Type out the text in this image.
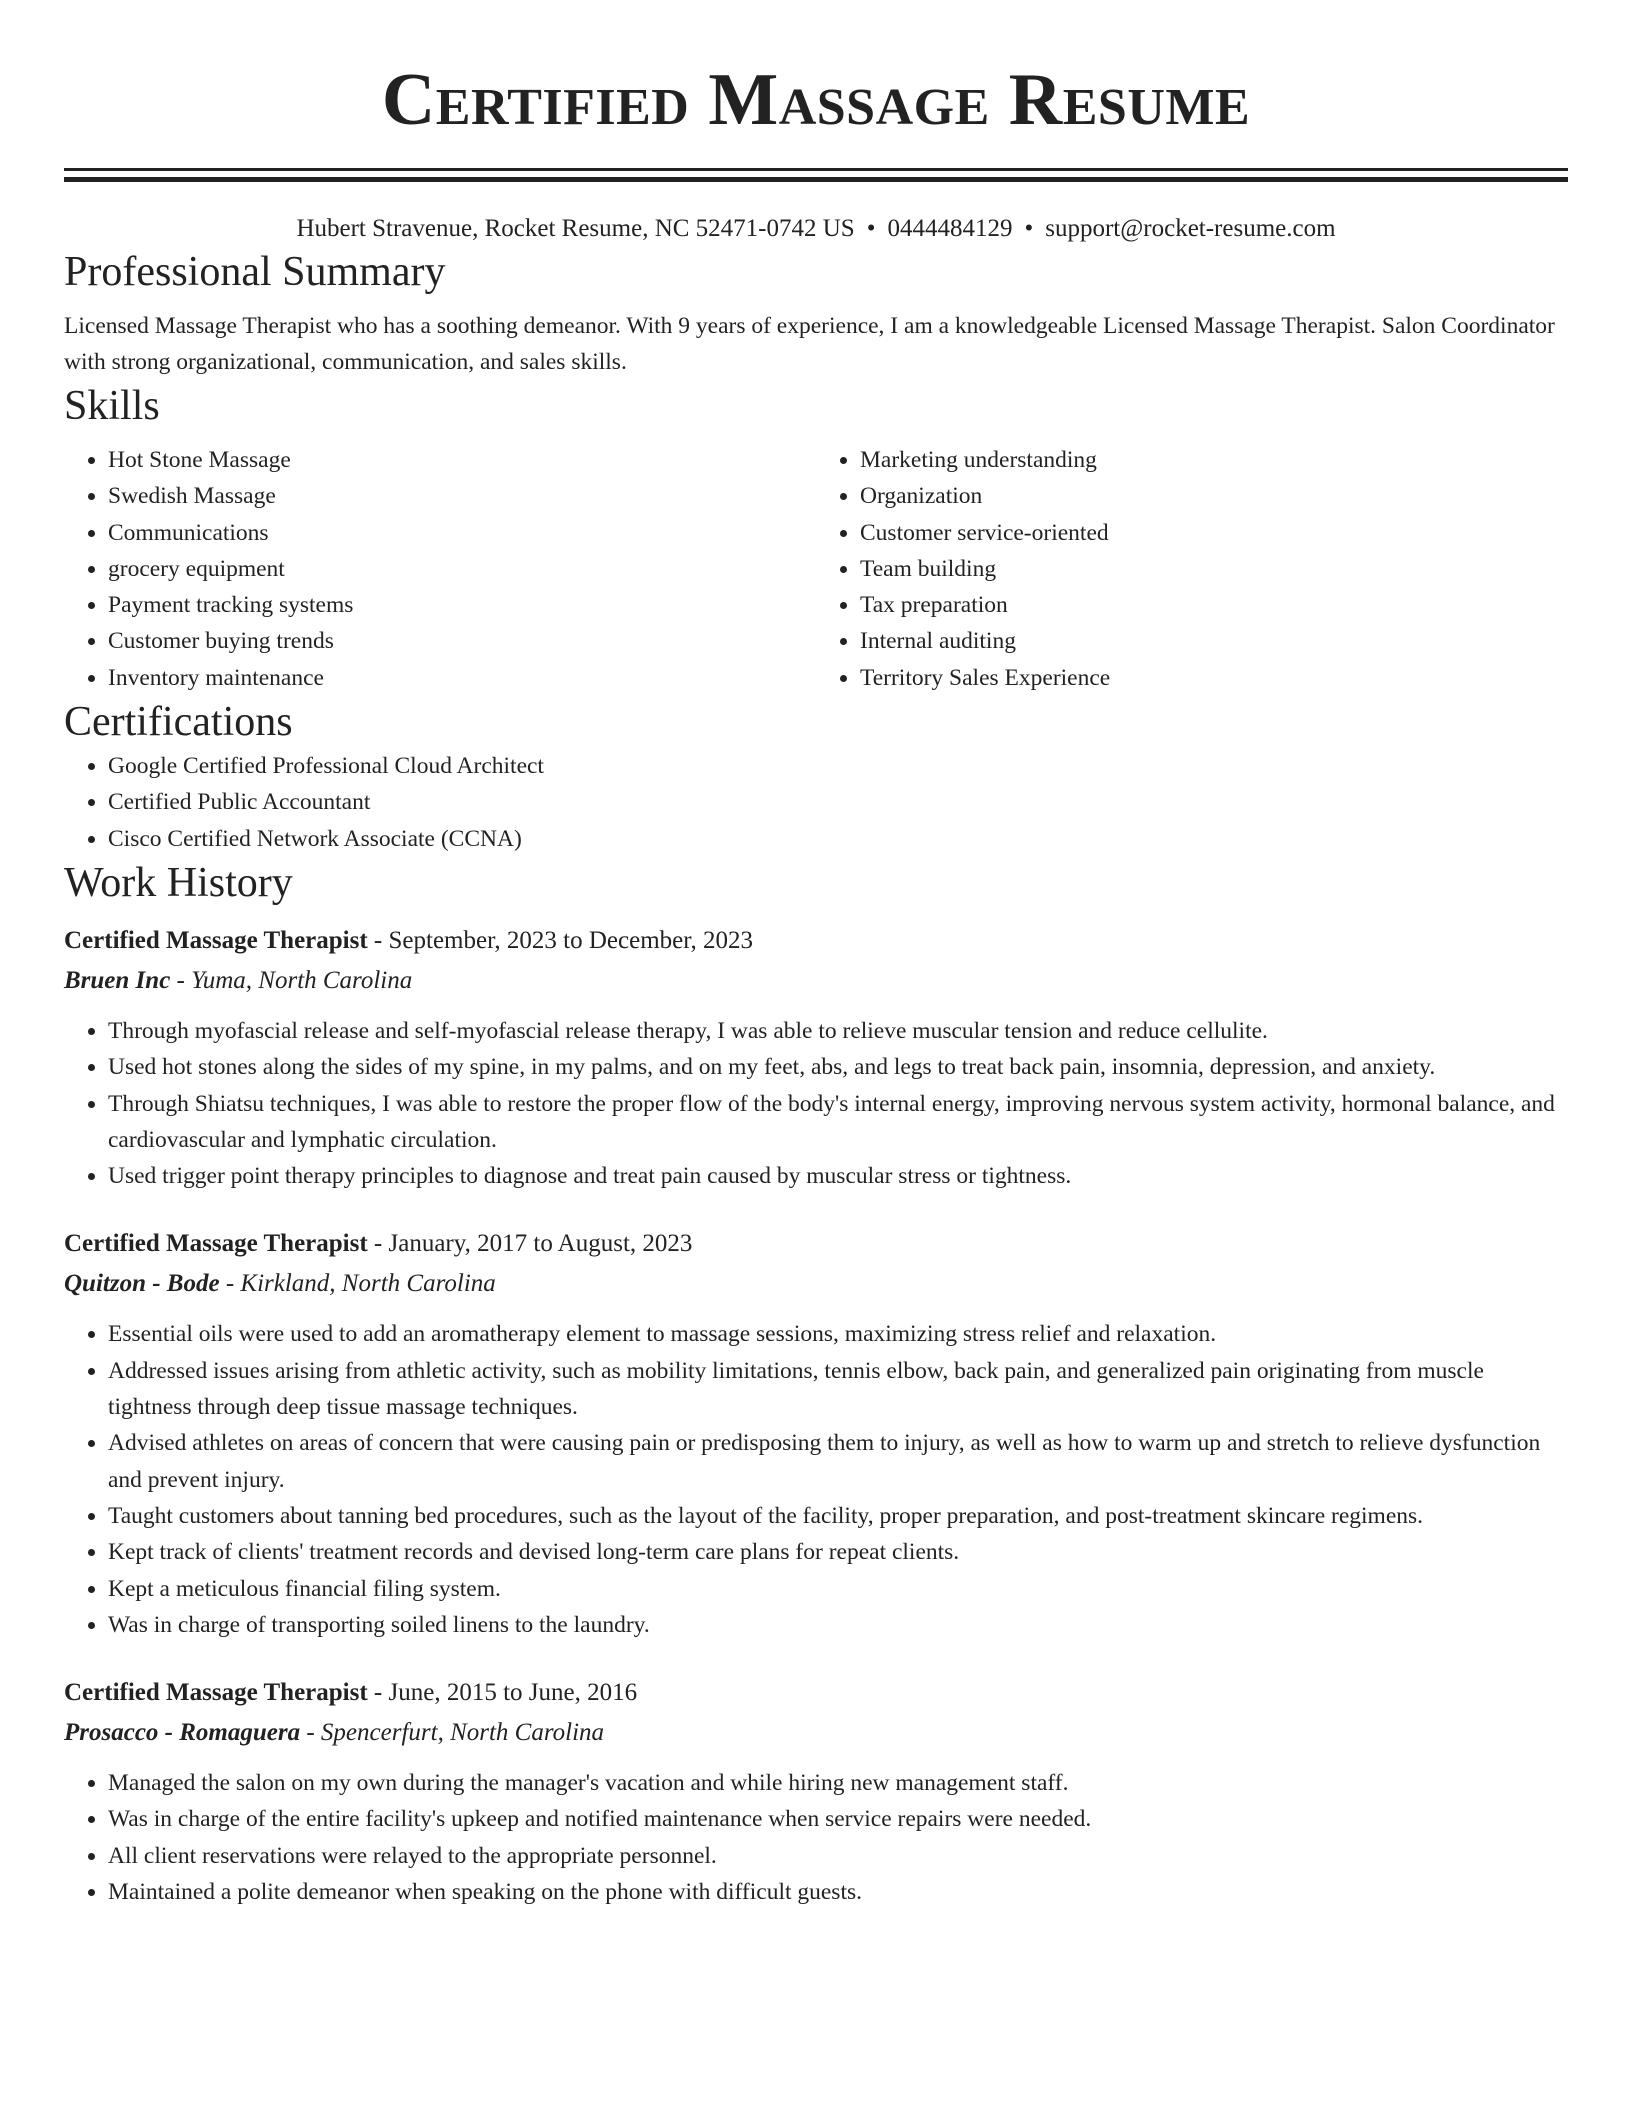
Certified Massage Resume
Hubert Stravenue, Rocket Resume, NC 52471-0742 US • 0444484129 • support@rocket-resume.com
Professional Summary

Licensed Massage Therapist who has a soothing demeanor. With 9 years of experience, I am a knowledgeable Licensed Massage Therapist. Salon Coordinator with strong organizational, communication, and sales skills.

Skills
• Hot Stone Massage
• Swedish Massage
• Communications
• grocery equipment
• Payment tracking systems
• Customer buying trends
• Inventory maintenance
• Marketing understanding
• Organization
• Customer service-oriented
• Team building
• Tax preparation
• Internal auditing
• Territory Sales Experience
Certifications
• Google Certified Professional Cloud Architect
• Certified Public Accountant
• Cisco Certified Network Associate (CCNA)
Work History
Certified Massage Therapist - September, 2023 to December, 2023
Bruen Inc - Yuma, North Carolina
• Through myofascial release and self-myofascial release therapy, I was able to relieve muscular tension and reduce cellulite.
• Used hot stones along the sides of my spine, in my palms, and on my feet, abs, and legs to treat back pain, insomnia, depression, and anxiety.
• Through Shiatsu techniques, I was able to restore the proper flow of the body's internal energy, improving nervous system activity, hormonal balance, and cardiovascular and lymphatic circulation.
• Used trigger point therapy principles to diagnose and treat pain caused by muscular stress or tightness.
Certified Massage Therapist - January, 2017 to August, 2023
Quitzon - Bode - Kirkland, North Carolina
• Essential oils were used to add an aromatherapy element to massage sessions, maximizing stress relief and relaxation.
• Addressed issues arising from athletic activity, such as mobility limitations, tennis elbow, back pain, and generalized pain originating from muscle tightness through deep tissue massage techniques.
• Advised athletes on areas of concern that were causing pain or predisposing them to injury, as well as how to warm up and stretch to relieve dysfunction and prevent injury.
• Taught customers about tanning bed procedures, such as the layout of the facility, proper preparation, and post-treatment skincare regimens.
• Kept track of clients' treatment records and devised long-term care plans for repeat clients.
• Kept a meticulous financial filing system.
• Was in charge of transporting soiled linens to the laundry.
Certified Massage Therapist - June, 2015 to June, 2016
Prosacco - Romaguera - Spencerfurt, North Carolina
• Managed the salon on my own during the manager's vacation and while hiring new management staff.
• Was in charge of the entire facility's upkeep and notified maintenance when service repairs were needed.
• All client reservations were relayed to the appropriate personnel.
• Maintained a polite demeanor when speaking on the phone with difficult guests.
